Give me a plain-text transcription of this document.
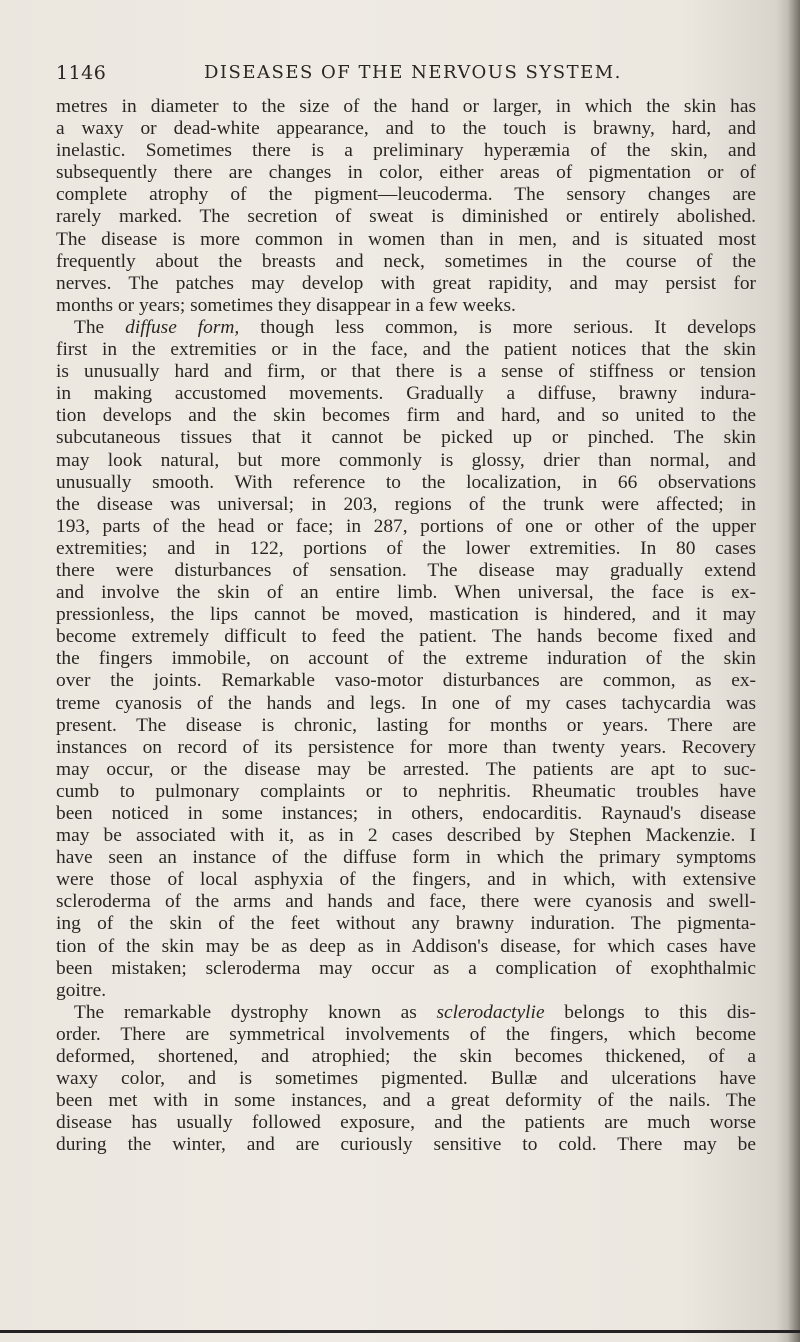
1146	DISEASES OF THE NERVOUS SYSTEM.
metres in diameter to the size of the hand or larger, in which the skin has
a waxy or dead-white appearance, and to the touch is brawny, hard, and
inelastic. Sometimes there is a preliminary hyperæmia of the skin, and
subsequently there are changes in color, either areas of pigmentation or of
complete atrophy of the pigment—leucoderma. The sensory changes are
rarely marked. The secretion of sweat is diminished or entirely abolished.
The disease is more common in women than in men, and is situated most
frequently about the breasts and neck, sometimes in the course of the
nerves. The patches may develop with great rapidity, and may persist for
months or years; sometimes they disappear in a few weeks.
The diffuse form, though less common, is more serious. It develops
first in the extremities or in the face, and the patient notices that the skin
is unusually hard and firm, or that there is a sense of stiffness or tension
in making accustomed movements. Gradually a diffuse, brawny indura-
tion develops and the skin becomes firm and hard, and so united to the
subcutaneous tissues that it cannot be picked up or pinched. The skin
may look natural, but more commonly is glossy, drier than normal, and
unusually smooth. With reference to the localization, in 66 observations
the disease was universal; in 203, regions of the trunk were affected; in
193, parts of the head or face; in 287, portions of one or other of the upper
extremities; and in 122, portions of the lower extremities. In 80 cases
there were disturbances of sensation. The disease may gradually extend
and involve the skin of an entire limb. When universal, the face is ex-
pressionless, the lips cannot be moved, mastication is hindered, and it may
become extremely difficult to feed the patient. The hands become fixed and
the fingers immobile, on account of the extreme induration of the skin
over the joints. Remarkable vaso-motor disturbances are common, as ex-
treme cyanosis of the hands and legs. In one of my cases tachycardia was
present. The disease is chronic, lasting for months or years. There are
instances on record of its persistence for more than twenty years. Recovery
may occur, or the disease may be arrested. The patients are apt to suc-
cumb to pulmonary complaints or to nephritis. Rheumatic troubles have
been noticed in some instances; in others, endocarditis. Raynaud's disease
may be associated with it, as in 2 cases described by Stephen Mackenzie. I
have seen an instance of the diffuse form in which the primary symptoms
were those of local asphyxia of the fingers, and in which, with extensive
scleroderma of the arms and hands and face, there were cyanosis and swell-
ing of the skin of the feet without any brawny induration. The pigmenta-
tion of the skin may be as deep as in Addison's disease, for which cases have
been mistaken; scleroderma may occur as a complication of exophthalmic
goitre.
The remarkable dystrophy known as sclerodactylie belongs to this dis-
order. There are symmetrical involvements of the fingers, which become
deformed, shortened, and atrophied; the skin becomes thickened, of a
waxy color, and is sometimes pigmented. Bullæ and ulcerations have
been met with in some instances, and a great deformity of the nails. The
disease has usually followed exposure, and the patients are much worse
during the winter, and are curiously sensitive to cold. There may be
